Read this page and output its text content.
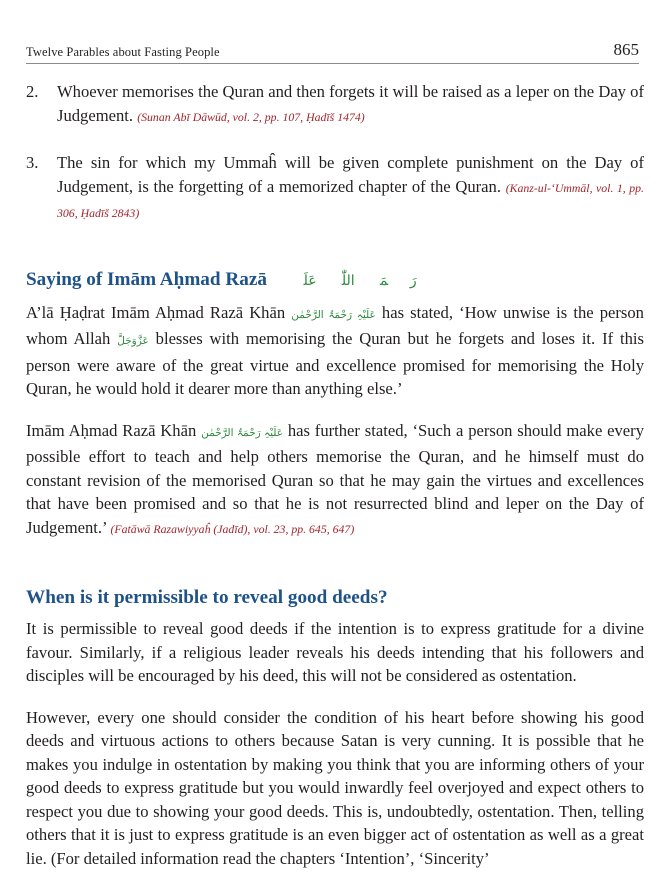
Twelve Parables about Fasting People	865
2.	Whoever memorises the Quran and then forgets it will be raised as a leper on the Day of Judgement. (Sunan Abī Dāwūd, vol. 2, pp. 107, Ḥadīš 1474)
3.	The sin for which my Ummaĥ will be given complete punishment on the Day of Judgement, is the forgetting of a memorized chapter of the Quran. (Kanz-ul-ʻUmmāl, vol. 1, pp. 306, Ḥadīš 2843)
Saying of Imām Aḥmad Razā رَحۡمَۃُ اللّٰہِ عَلَیۡہ

A’lā Ḥaḍrat Imām Aḥmad Razā Khān عَلَیْہِ رَحْمَۃُ الرَّحْمٰن has stated, ‘How unwise is the person whom Allah عَزَّوَجَلَّ blesses with memorising the Quran but he forgets and loses it. If this person were aware of the great virtue and excellence promised for memorising the Holy Quran, he would hold it dearer more than anything else.’

Imām Aḥmad Razā Khān عَلَیْہِ رَحْمَۃُ الرَّحْمٰن has further stated, ‘Such a person should make every possible effort to teach and help others memorise the Quran, and he himself must do constant revision of the memorised Quran so that he may gain the virtues and excellences that have been promised and so that he is not resurrected blind and leper on the Day of Judgement.’ (Fatāwā Razawiyyaĥ (Jadīd), vol. 23, pp. 645, 647)

When is it permissible to reveal good deeds?

It is permissible to reveal good deeds if the intention is to express gratitude for a divine favour. Similarly, if a religious leader reveals his deeds intending that his followers and disciples will be encouraged by his deed, this will not be considered as ostentation.

However, every one should consider the condition of his heart before showing his good deeds and virtuous actions to others because Satan is very cunning. It is possible that he makes you indulge in ostentation by making you think that you are informing others of your good deeds to express gratitude but you would inwardly feel overjoyed and expect others to respect you due to showing your good deeds. This is, undoubtedly, ostentation. Then, telling others that it is just to express gratitude is an even bigger act of ostentation as well as a great lie. (For detailed information read the chapters ‘Intention’, ‘Sincerity’
